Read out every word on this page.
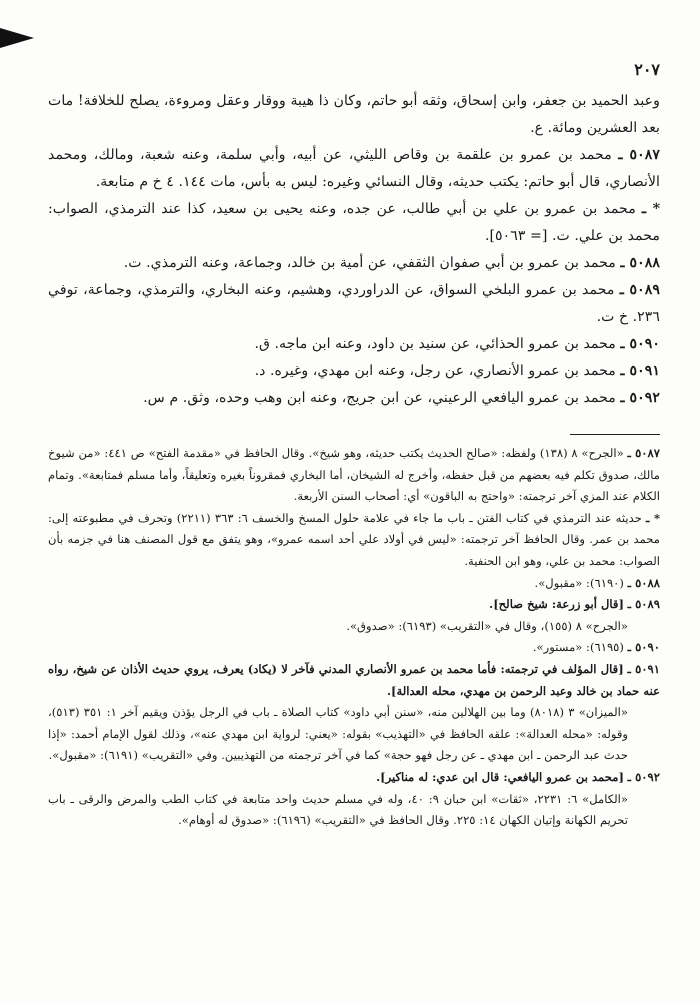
٢٠٧

وعبد الحميد بن جعفر، وابن إسحاق، وثقه أبو حاتم، وكان ذا هيبة ووقار وعقل ومروءة، يصلح للخلافة! مات بعد العشرين ومائة. ع.

٥٠٨٧ ـ محمد بن عمرو بن علقمة بن وقاص الليثي، عن أبيه، وأبي سلمة، وعنه شعبة، ومالك، ومحمد الأنصاري، قال أبو حاتم: يكتب حديثه، وقال النسائي وغيره: ليس به بأس، مات ١٤٤. ٤ خ م متابعة.

* ـ محمد بن عمرو بن علي بن أبي طالب، عن جده، وعنه يحيى بن سعيد، كذا عند الترمذي، الصواب: محمد بن علي. ت. [= ٥٠٦٣].

٥٠٨٨ ـ محمد بن عمرو بن أبي صفوان الثقفي، عن أمية بن خالد، وجماعة، وعنه الترمذي. ت.

٥٠٨٩ ـ محمد بن عمرو البلخي السواق، عن الدراوردي، وهشيم، وعنه البخاري، والترمذي، وجماعة، توفي ٢٣٦. خ ت.

٥٠٩٠ ـ محمد بن عمرو الحذائي، عن سنيد بن داود، وعنه ابن ماجه. ق.

٥٠٩١ ـ محمد بن عمرو الأنصاري، عن رجل، وعنه ابن مهدي، وغيره. د.

٥٠٩٢ ـ محمد بن عمرو اليافعي الرعيني، عن ابن جريج، وعنه ابن وهب وحده، وثق. م س.

٥٠٨٧ ـ «الجرح» ٨ (١٣٨) ولفظه: «صالح الحديث يكتب حديثه، وهو شيخ». وقال الحافظ في «مقدمة الفتح» ص ٤٤١: «من شيوخ مالك، صدوق تكلم فيه بعضهم من قبل حفظه، وأخرج له الشيخان، أما البخاري فمقروناً بغيره وتعليقاً، وأما مسلم فمتابعة». وتمام الكلام عند المزي آخر ترجمته: «واحتج به الباقون» أي: أصحاب السنن الأربعة.

* ـ حديثه عند الترمذي في كتاب الفتن ـ باب ما جاء في علامة حلول المسخ والخسف ٦: ٣٦٣ (٢٢١١) وتحرف في مطبوعته إلى: محمد بن عمر. وقال الحافظ آخر ترجمته: «ليس في أولاد علي أحد اسمه عمرو»، وهو يتفق مع قول المصنف هنا في جزمه بأن الصواب: محمد بن علي، وهو ابن الحنفية.

٥٠٨٨ ـ (٦١٩٠): «مقبول».

٥٠٨٩ ـ [قال أبو زرعة: شيخ صالح].

«الجرح» ٨ (١٥٥)، وقال في «التقريب» (٦١٩٣): «صدوق».

٥٠٩٠ ـ (٦١٩٥): «مستور».

٥٠٩١ ـ [قال المؤلف في ترجمته: فأما محمد بن عمرو الأنصاري المدني فآخر لا (يكاد) يعرف، يروي حديث الأذان عن شيخ، رواه عنه حماد بن خالد وعبد الرحمن بن مهدي، محله العدالة].

«الميزان» ٣ (٨٠١٨) وما بين الهلالين منه، «سنن أبي داود» كتاب الصلاة ـ باب في الرجل يؤذن ويقيم آخر ١: ٣٥١ (٥١٣)، وقوله: «محله العدالة»: علقه الحافظ في «التهذيب» بقوله: «يعني: لرواية ابن مهدي عنه»، وذلك لقول الإمام أحمد: «إذا حدث عبد الرحمن ـ ابن مهدي ـ عن رجل فهو حجة» كما في آخر ترجمته من التهذيبين. وفي «التقريب» (٦١٩١): «مقبول».

٥٠٩٢ ـ [محمد بن عمرو اليافعي: قال ابن عدي: له مناكير].

«الكامل» ٦: ٢٢٣١، «ثقات» ابن حبان ٩: ٤٠، وله في مسلم حديث واحد متابعة في كتاب الطب والمرض والرقى ـ باب تحريم الكهانة وإتيان الكهان ١٤: ٢٢٥. وقال الحافظ في «التقريب» (٦١٩٦): «صدوق له أوهام».
